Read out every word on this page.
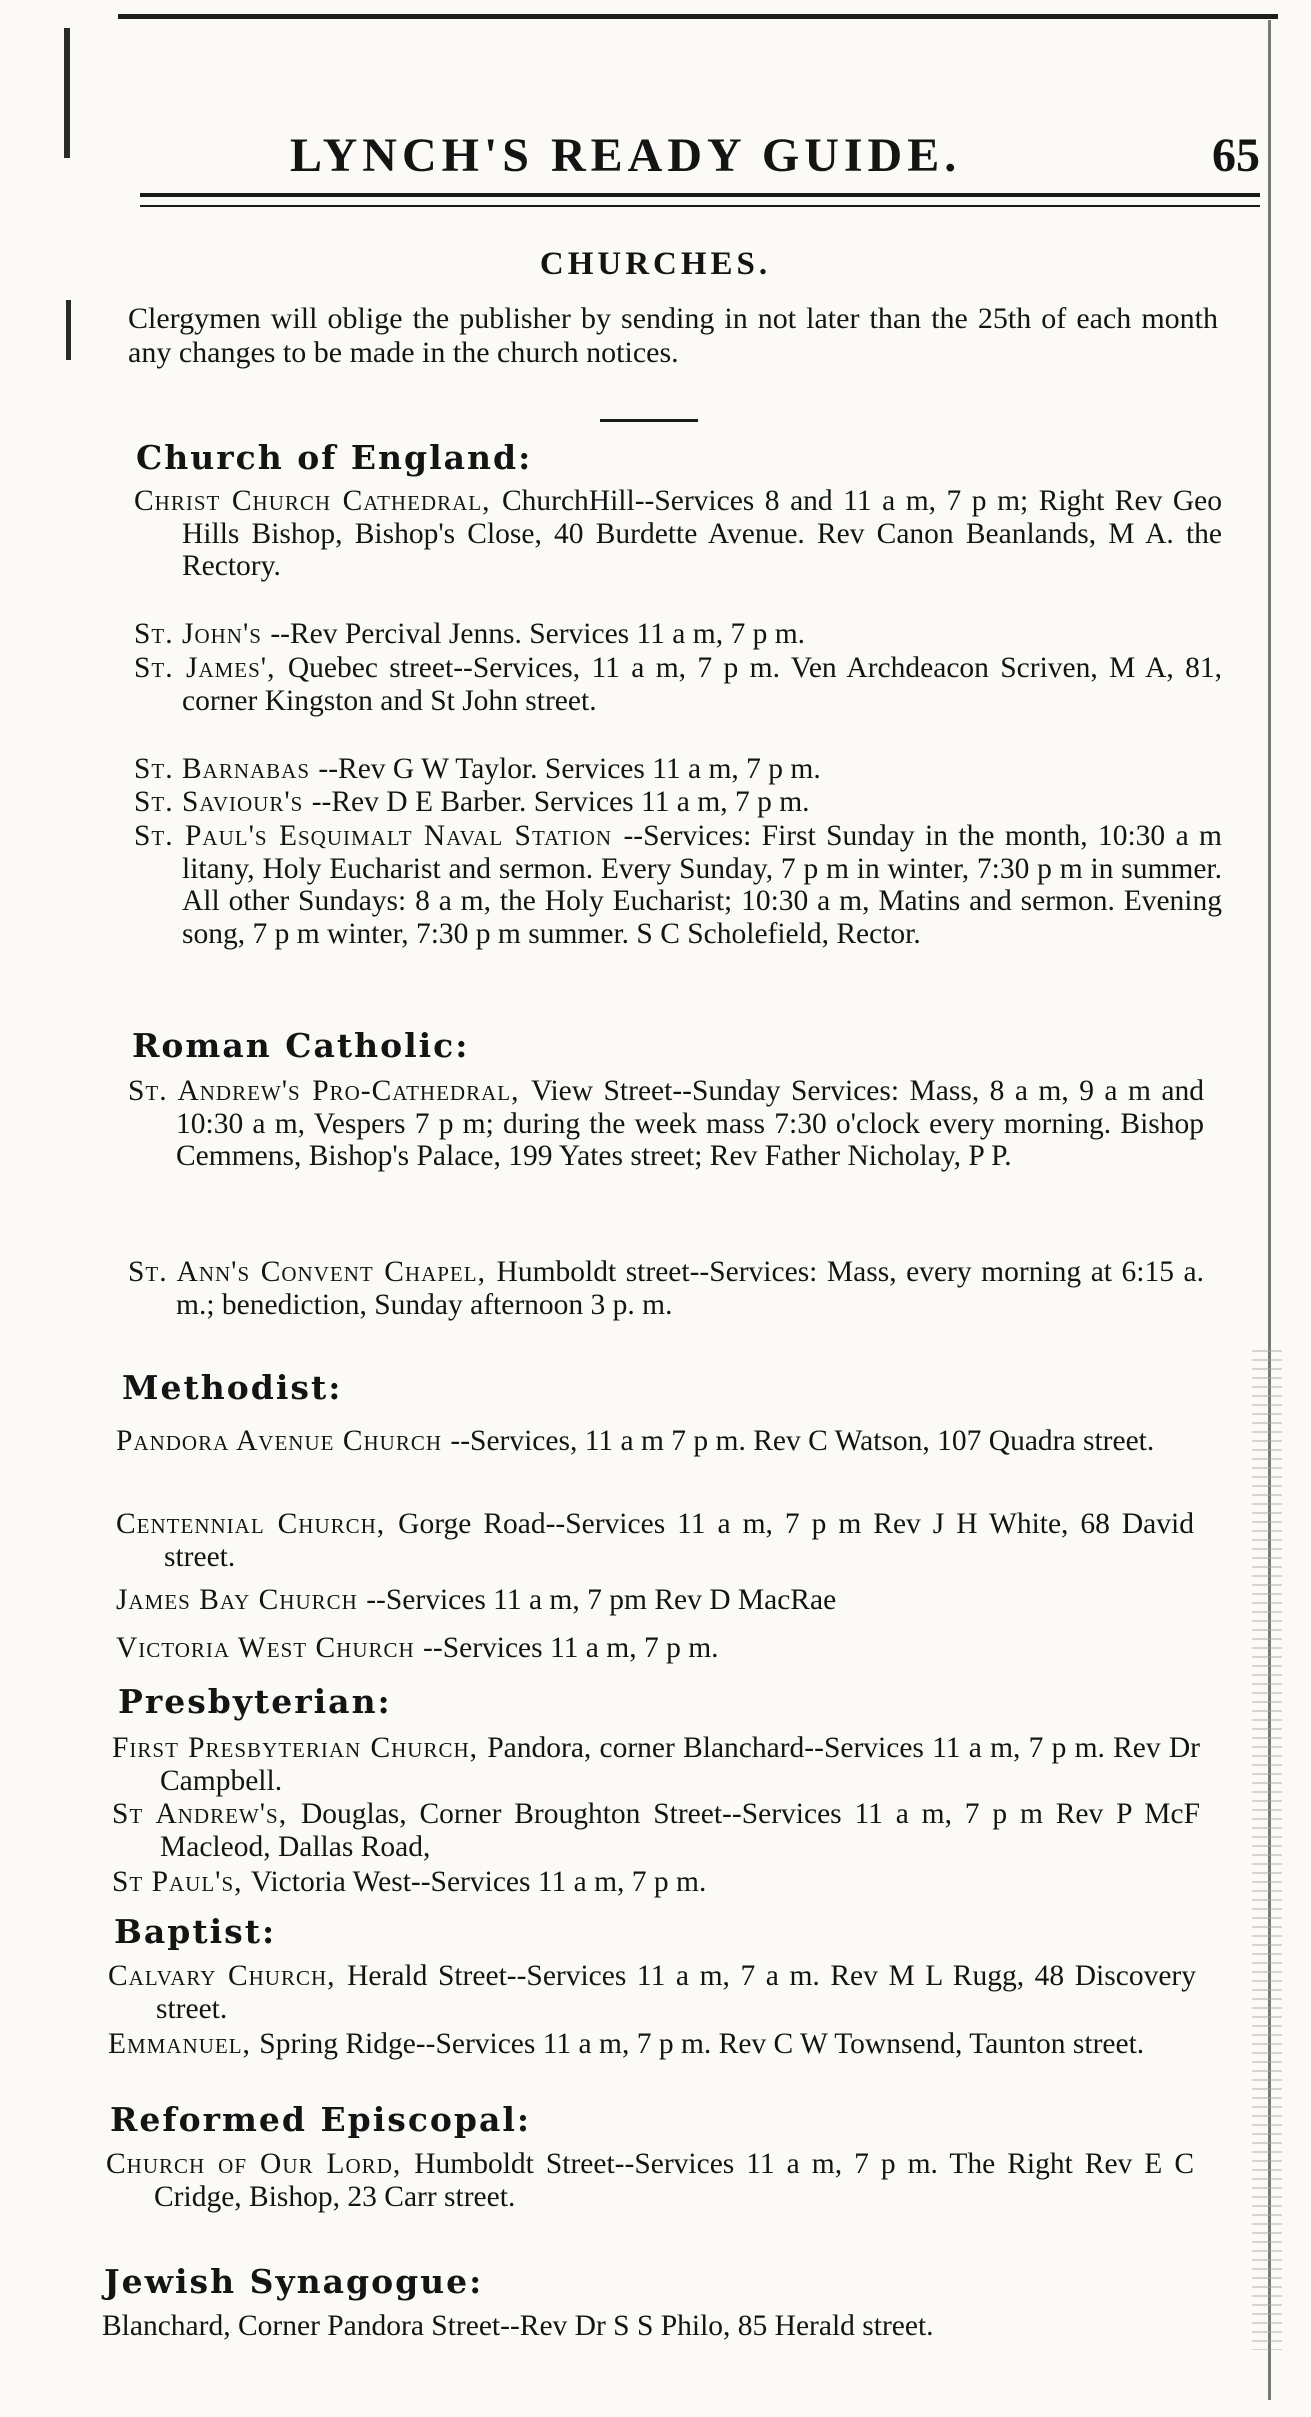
LYNCH'S READY GUIDE.	65
CHURCHES.
Clergymen will oblige the publisher by sending in not later than the 25th of each month any changes to be made in the church notices.
Church of England:
Christ Church Cathedral, ChurchHill--Services 8 and 11 a m, 7 p m; Right Rev Geo Hills Bishop, Bishop's Close, 40 Burdette Avenue. Rev Canon Beanlands, M A. the Rectory.
St. John's --Rev Percival Jenns. Services 11 a m, 7 p m.
St. James', Quebec street--Services, 11 a m, 7 p m. Ven Archdeacon Scriven, M A, 81, corner Kingston and St John street.
St. Barnabas --Rev G W Taylor. Services 11 a m, 7 p m.
St. Saviour's --Rev D E Barber. Services 11 a m, 7 p m.
St. Paul's Esquimalt Naval Station --Services: First Sunday in the month, 10:30 a m litany, Holy Eucharist and sermon. Every Sunday, 7 p m in winter, 7:30 p m in summer. All other Sundays: 8 a m, the Holy Eucharist; 10:30 a m, Matins and sermon. Evening song, 7 p m winter, 7:30 p m summer. S C Scholefield, Rector.
Roman Catholic:
St. Andrew's Pro-Cathedral, View Street--Sunday Services: Mass, 8 a m, 9 a m and 10:30 a m, Vespers 7 p m; during the week mass 7:30 o'clock every morning. Bishop Cemmens, Bishop's Palace, 199 Yates street; Rev Father Nicholay, P P.
St. Ann's Convent Chapel, Humboldt street--Services: Mass, every morning at 6:15 a. m.; benediction, Sunday afternoon 3 p. m.
Methodist:
Pandora Avenue Church --Services, 11 a m 7 p m. Rev C Watson, 107 Quadra street.
Centennial Church, Gorge Road--Services 11 a m, 7 p m Rev J H White, 68 David street.
James Bay Church --Services 11 a m, 7 pm Rev D MacRae
Victoria West Church --Services 11 a m, 7 p m.
Presbyterian:
First Presbyterian Church, Pandora, corner Blanchard--Services 11 a m, 7 p m. Rev Dr Campbell.
St Andrew's, Douglas, Corner Broughton Street--Services 11 a m, 7 p m Rev P McF Macleod, Dallas Road,
St Paul's, Victoria West--Services 11 a m, 7 p m.
Baptist:
Calvary Church, Herald Street--Services 11 a m, 7 a m. Rev M L Rugg, 48 Discovery street.
Emmanuel, Spring Ridge--Services 11 a m, 7 p m. Rev C W Townsend, Taunton street.
Reformed Episcopal:
Church of Our Lord, Humboldt Street--Services 11 a m, 7 p m. The Right Rev E C Cridge, Bishop, 23 Carr street.
Jewish Synagogue:
Blanchard, Corner Pandora Street--Rev Dr S S Philo, 85 Herald street.
